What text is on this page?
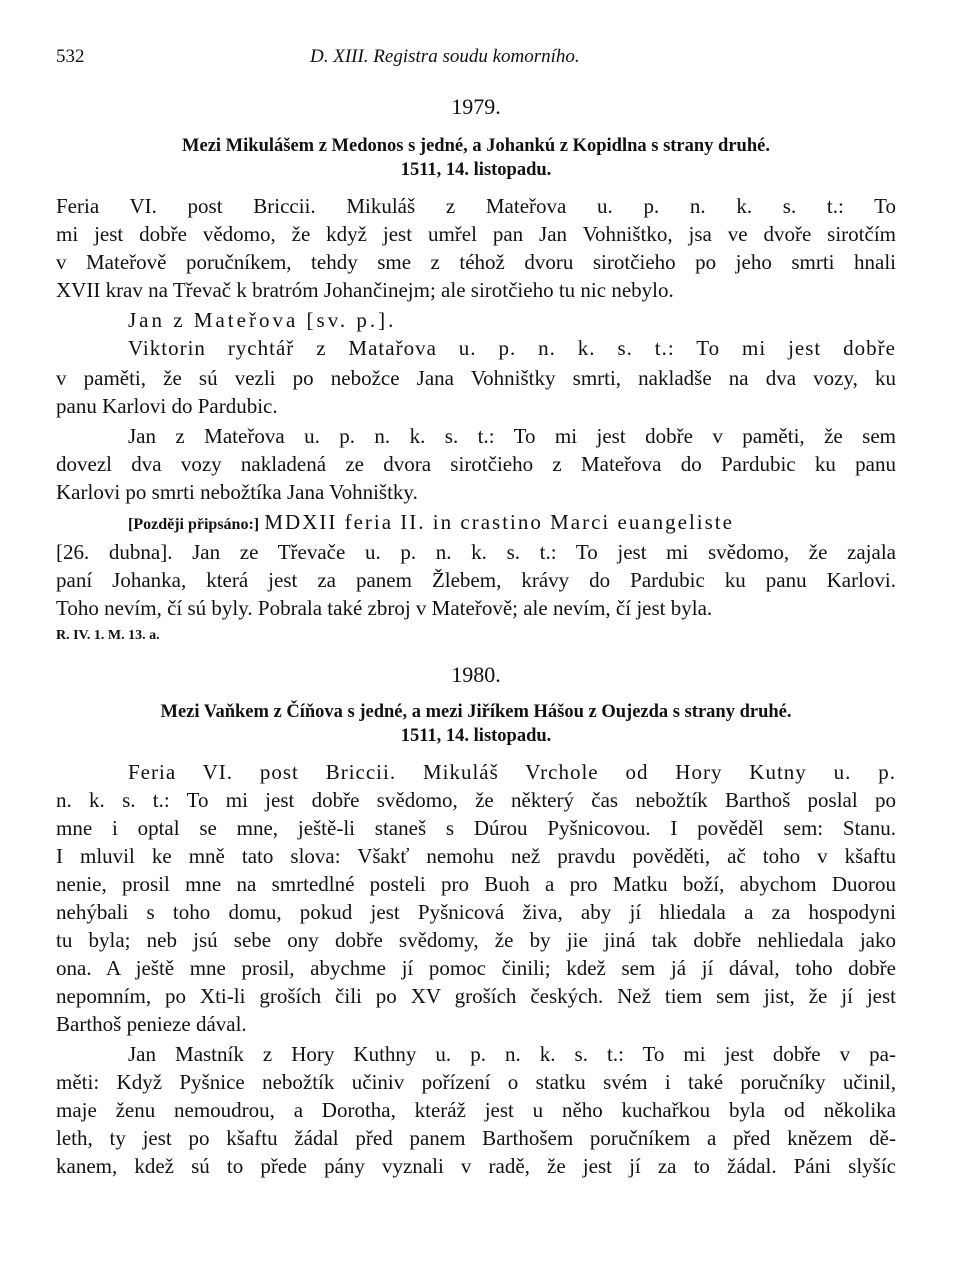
532	D. XIII. Registra soudu komorního.
1979.
Mezi Mikulášem z Medonos s jedné, a Johankú z Kopidlna s strany druhé.
1511, 14. listopadu.
Feria VI. post Briccii. Mikuláš z Mateřova u. p. n. k. s. t.: To
mi jest dobře vědomo, že když jest umřel pan Jan Vohništko, jsa ve dvoře sirotčím
v Mateřově poručníkem, tehdy sme z téhož dvoru sirotčieho po jeho smrti hnali
XVII krav na Třevač k bratróm Johančinejm; ale sirotčieho tu nic nebylo.
Jan z Mateřova [sv. p.].
Viktorin rychtář z Matařova u. p. n. k. s. t.: To mi jest dobře
v paměti, že sú vezli po nebožce Jana Vohništky smrti, nakladše na dva vozy, ku
panu Karlovi do Pardubic.
Jan z Mateřova u. p. n. k. s. t.: To mi jest dobře v paměti, že sem
dovezl dva vozy nakladená ze dvora sirotčieho z Mateřova do Pardubic ku panu
Karlovi po smrti nebožtíka Jana Vohništky.
[Později připsáno:] MDXII feria II. in crastino Marci euangeliste
[26. dubna]. Jan ze Třevače u. p. n. k. s. t.: To jest mi svědomo, že zajala
paní Johanka, která jest za panem Žlebem, krávy do Pardubic ku panu Karlovi.
Toho nevím, čí sú byly. Pobrala také zbroj v Mateřově; ale nevím, čí jest byla.
R. IV. 1. M. 13. a.
1980.
Mezi Vaňkem z Číňova s jedné, a mezi Jiříkem Hášou z Oujezda s strany druhé.
1511, 14. listopadu.
Feria VI. post Briccii. Mikuláš Vrchole od Hory Kutny u. p.
n. k. s. t.: To mi jest dobře svědomo, že některý čas nebožtík Barthoš poslal po
mne i optal se mne, ještě-li staneš s Dúrou Pyšnicovou. I pověděl sem: Stanu.
I mluvil ke mně tato slova: Všakť nemohu než pravdu pověděti, ač toho v kšaftu
nenie, prosil mne na smrtedlné posteli pro Buoh a pro Matku boží, abychom Duorou
nehýbali s toho domu, pokud jest Pyšnicová živa, aby jí hliedala a za hospodyni
tu byla; neb jsú sebe ony dobře svědomy, že by jie jiná tak dobře nehliedala jako
ona. A ještě mne prosil, abychme jí pomoc činili; kdež sem já jí dával, toho dobře
nepomním, po Xti-li groších čili po XV groších českých. Než tiem sem jist, že jí jest
Barthoš penieze dával.
Jan Mastník z Hory Kuthny u. p. n. k. s. t.: To mi jest dobře v pa-
měti: Když Pyšnice nebožtík učiniv pořízení o statku svém i také poručníky učinil,
maje ženu nemoudrou, a Dorotha, kteráž jest u něho kuchařkou byla od několika
leth, ty jest po kšaftu žádal před panem Barthošem poručníkem a před knězem dě-
kanem, kdež sú to přede pány vyznali v radě, že jest jí za to žádal. Páni slyšíc
